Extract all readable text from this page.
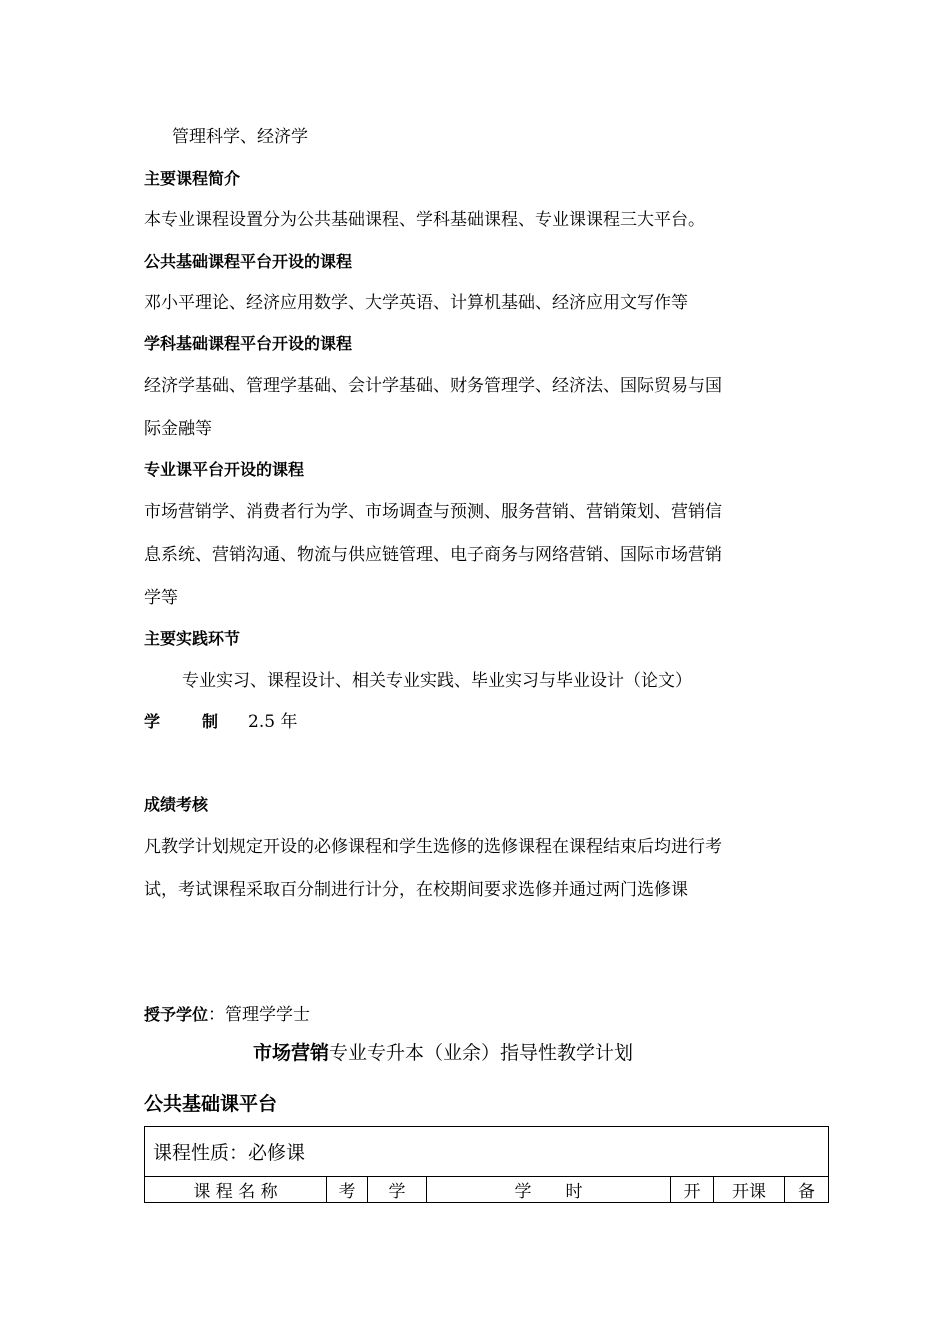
管理科学、经济学
主要课程简介
本专业课程设置分为公共基础课程、学科基础课程、专业课课程三大平台。
公共基础课程平台开设的课程
邓小平理论、经济应用数学、大学英语、计算机基础、经济应用文写作等
学科基础课程平台开设的课程
经济学基础、管理学基础、会计学基础、财务管理学、经济法、国际贸易与国
际金融等
专业课平台开设的课程
市场营销学、消费者行为学、市场调查与预测、服务营销、营销策划、营销信
息系统、营销沟通、物流与供应链管理、电子商务与网络营销、国际市场营销
学等
主要实践环节
专业实习、课程设计、相关专业实践、毕业实习与毕业设计（论文）
学	制 2.5 年
成绩考核
凡教学计划规定开设的必修课程和学生选修的选修课程在课程结束后均进行考
试，考试课程采取百分制进行计分，在校期间要求选修并通过两门选修课
授予学位：管理学学士
市场营销专业专升本（业余）指导性教学计划
公共基础课平台
课程性质：必修课
课 程 名 称	考	学	学　　时	开	开课	备
